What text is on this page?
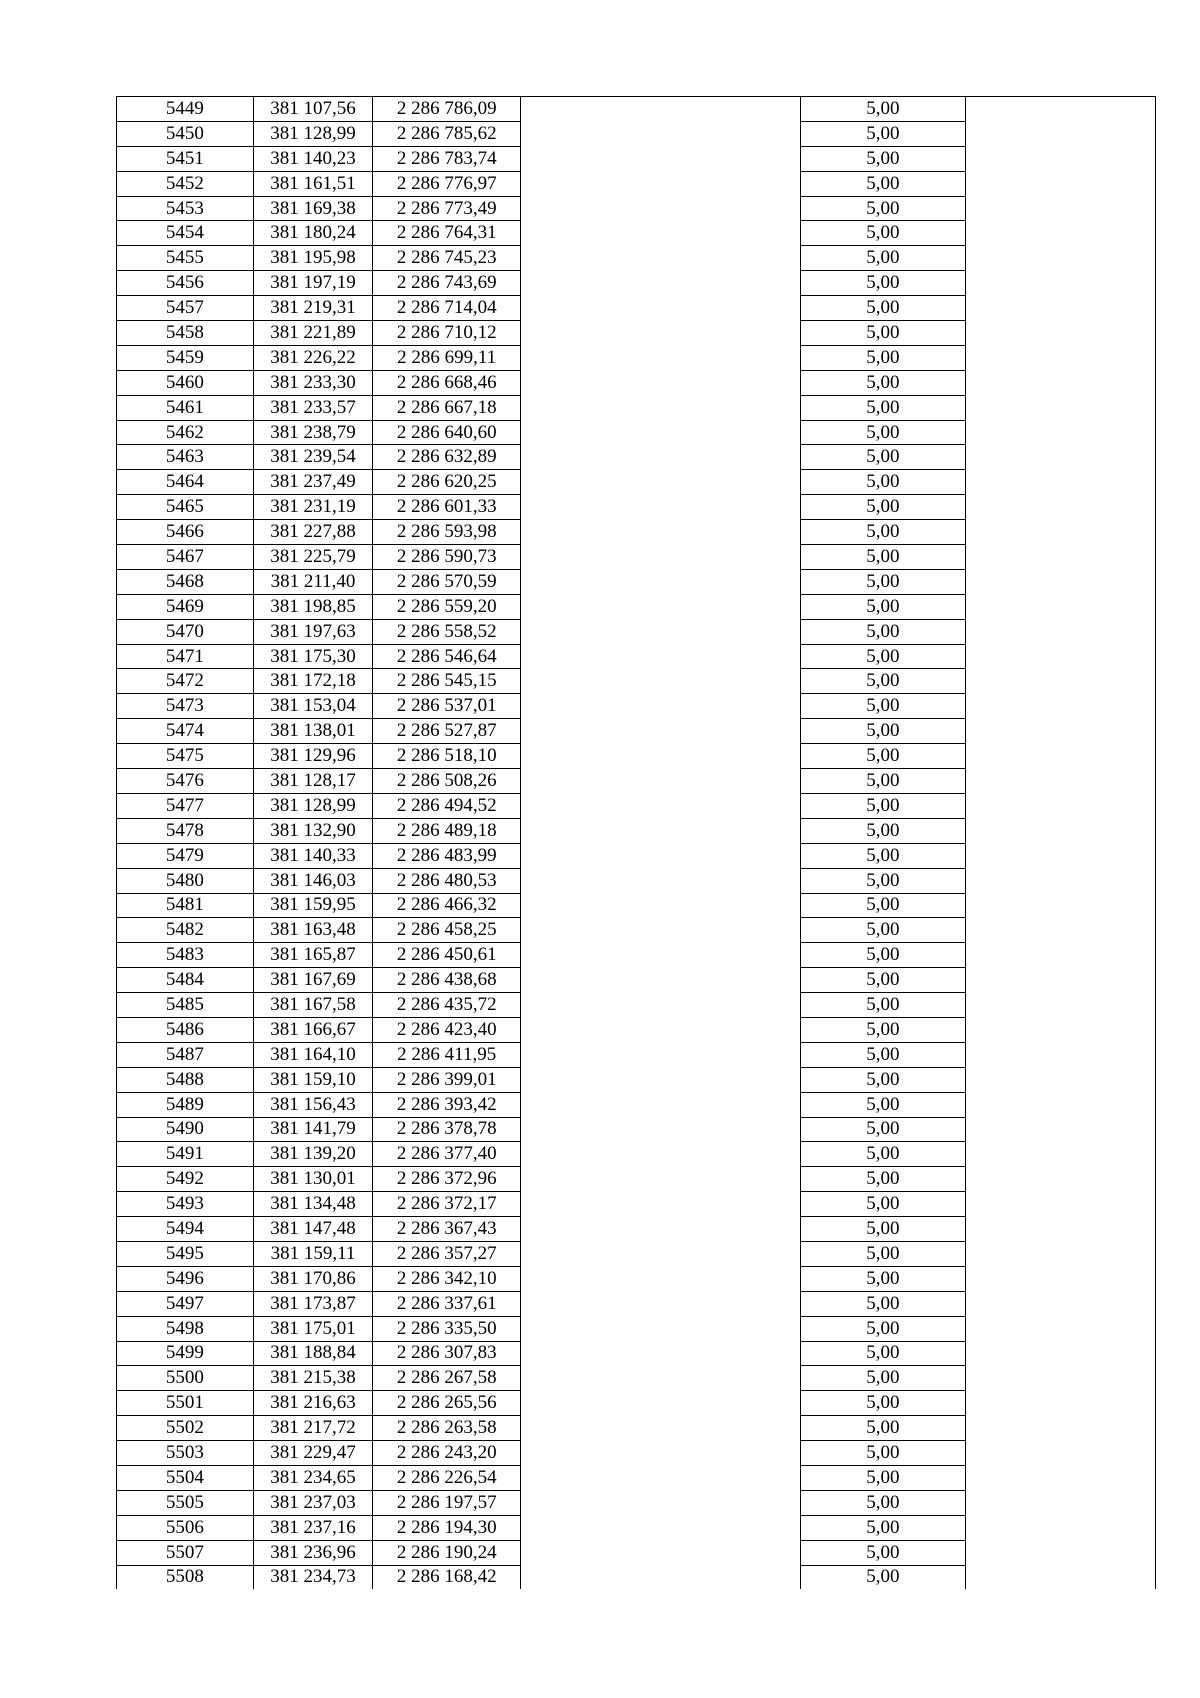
5449	381 107,56	2 286 786,09		5,00	
5450	381 128,99	2 286 785,62		5,00	
5451	381 140,23	2 286 783,74		5,00	
5452	381 161,51	2 286 776,97		5,00	
5453	381 169,38	2 286 773,49		5,00	
5454	381 180,24	2 286 764,31		5,00	
5455	381 195,98	2 286 745,23		5,00	
5456	381 197,19	2 286 743,69		5,00	
5457	381 219,31	2 286 714,04		5,00	
5458	381 221,89	2 286 710,12		5,00	
5459	381 226,22	2 286 699,11		5,00	
5460	381 233,30	2 286 668,46		5,00	
5461	381 233,57	2 286 667,18		5,00	
5462	381 238,79	2 286 640,60		5,00	
5463	381 239,54	2 286 632,89		5,00	
5464	381 237,49	2 286 620,25		5,00	
5465	381 231,19	2 286 601,33		5,00	
5466	381 227,88	2 286 593,98		5,00	
5467	381 225,79	2 286 590,73		5,00	
5468	381 211,40	2 286 570,59		5,00	
5469	381 198,85	2 286 559,20		5,00	
5470	381 197,63	2 286 558,52		5,00	
5471	381 175,30	2 286 546,64		5,00	
5472	381 172,18	2 286 545,15		5,00	
5473	381 153,04	2 286 537,01		5,00	
5474	381 138,01	2 286 527,87		5,00	
5475	381 129,96	2 286 518,10		5,00	
5476	381 128,17	2 286 508,26		5,00	
5477	381 128,99	2 286 494,52		5,00	
5478	381 132,90	2 286 489,18		5,00	
5479	381 140,33	2 286 483,99		5,00	
5480	381 146,03	2 286 480,53		5,00	
5481	381 159,95	2 286 466,32		5,00	
5482	381 163,48	2 286 458,25		5,00	
5483	381 165,87	2 286 450,61		5,00	
5484	381 167,69	2 286 438,68		5,00	
5485	381 167,58	2 286 435,72		5,00	
5486	381 166,67	2 286 423,40		5,00	
5487	381 164,10	2 286 411,95		5,00	
5488	381 159,10	2 286 399,01		5,00	
5489	381 156,43	2 286 393,42		5,00	
5490	381 141,79	2 286 378,78		5,00	
5491	381 139,20	2 286 377,40		5,00	
5492	381 130,01	2 286 372,96		5,00	
5493	381 134,48	2 286 372,17		5,00	
5494	381 147,48	2 286 367,43		5,00	
5495	381 159,11	2 286 357,27		5,00	
5496	381 170,86	2 286 342,10		5,00	
5497	381 173,87	2 286 337,61		5,00	
5498	381 175,01	2 286 335,50		5,00	
5499	381 188,84	2 286 307,83		5,00	
5500	381 215,38	2 286 267,58		5,00	
5501	381 216,63	2 286 265,56		5,00	
5502	381 217,72	2 286 263,58		5,00	
5503	381 229,47	2 286 243,20		5,00	
5504	381 234,65	2 286 226,54		5,00	
5505	381 237,03	2 286 197,57		5,00	
5506	381 237,16	2 286 194,30		5,00	
5507	381 236,96	2 286 190,24		5,00	
5508	381 234,73	2 286 168,42		5,00	
